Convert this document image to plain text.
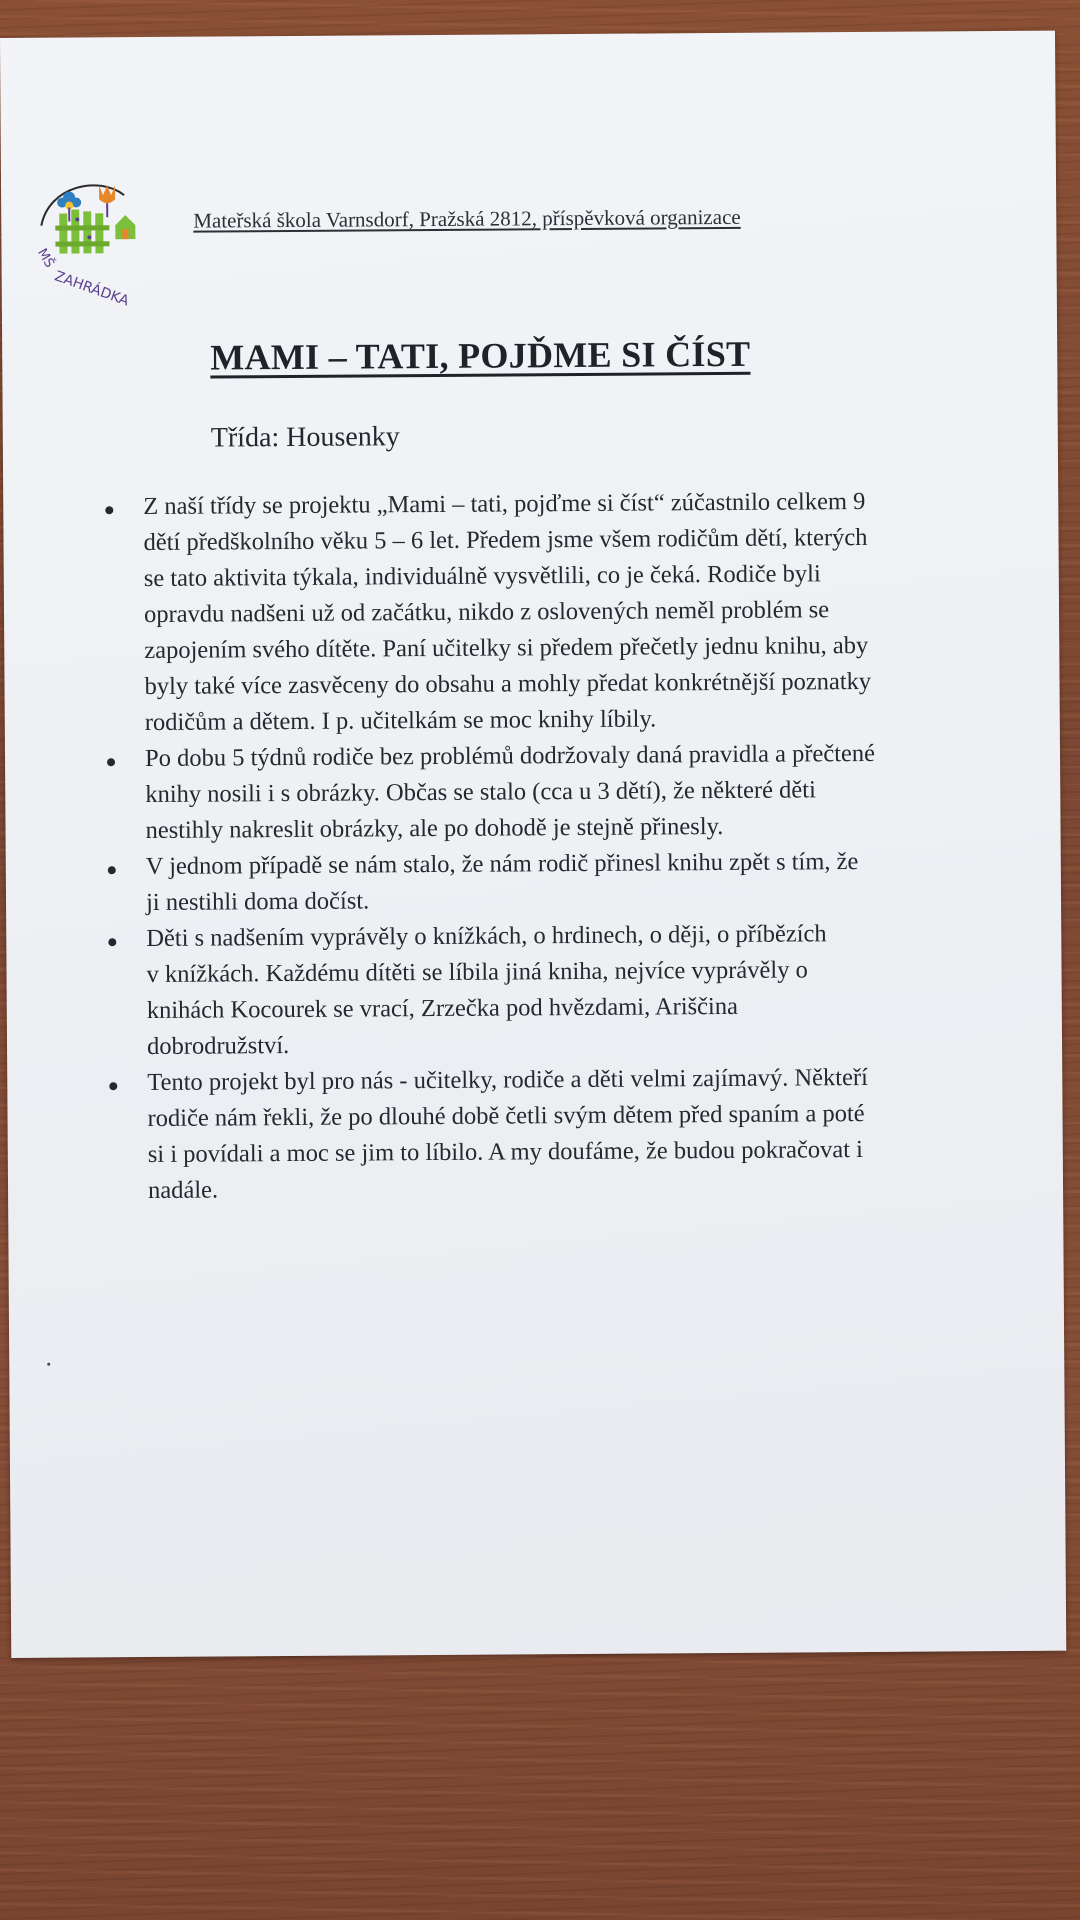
MŠ
ZAHRÁDKA
Mateřská škola Varnsdorf, Pražská 2812, příspěvková organizace
MAMI – TATI, POJĎME SI ČÍST
Třída: Housenky
Z naší třídy se projektu „Mami – tati, pojďme si číst“ zúčastnilo celkem 9
dětí předškolního věku 5 – 6 let. Předem jsme všem rodičům dětí, kterých
se tato aktivita týkala, individuálně vysvětlili, co je čeká. Rodiče byli
opravdu nadšeni už od začátku, nikdo z oslovených neměl problém se
zapojením svého dítěte. Paní učitelky si předem přečetly jednu knihu, aby
byly také více zasvěceny do obsahu a mohly předat konkrétnější poznatky
rodičům a dětem. I p. učitelkám se moc knihy líbily.
Po dobu 5 týdnů rodiče bez problémů dodržovaly daná pravidla a přečtené
knihy nosili i s obrázky. Občas se stalo (cca u 3 dětí), že některé děti
nestihly nakreslit obrázky, ale po dohodě je stejně přinesly.
V jednom případě se nám stalo, že nám rodič přinesl knihu zpět s tím, že
ji nestihli doma dočíst.
Děti s nadšením vyprávěly o knížkách, o hrdinech, o ději, o příbězích
v knížkách. Každému dítěti se líbila jiná kniha, nejvíce vyprávěly o
knihách Kocourek se vrací, Zrzečka pod hvězdami, Ariščina
dobrodružství.
Tento projekt byl pro nás - učitelky, rodiče a děti velmi zajímavý. Někteří
rodiče nám řekli, že po dlouhé době četli svým dětem před spaním a poté
si i povídali a moc se jim to líbilo. A my doufáme, že budou pokračovat i
nadále.
